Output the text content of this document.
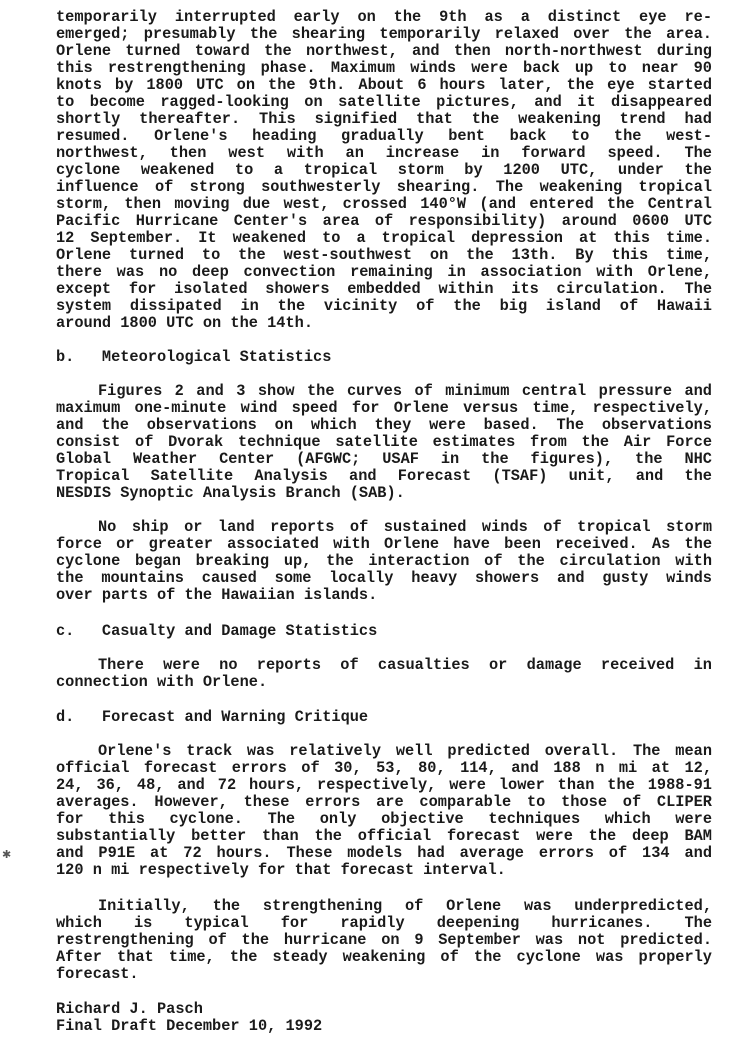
temporarily interrupted early on the 9th as a distinct eye re-

emerged; presumably the shearing temporarily relaxed over the area.

Orlene turned toward the northwest, and then north-northwest during

this restrengthening phase. Maximum winds were back up to near 90

knots by 1800 UTC on the 9th. About 6 hours later, the eye started

to become ragged-looking on satellite pictures, and it disappeared

shortly thereafter. This signified that the weakening trend had

resumed. Orlene's heading gradually bent back to the west-

northwest, then west with an increase in forward speed. The

cyclone weakened to a tropical storm by 1200 UTC, under the

influence of strong southwesterly shearing. The weakening tropical

storm, then moving due west, crossed 140°W (and entered the Central

Pacific Hurricane Center's area of responsibility) around 0600 UTC

12 September. It weakened to a tropical depression at this time.

Orlene turned to the west-southwest on the 13th. By this time,

there was no deep convection remaining in association with Orlene,

except for isolated showers embedded within its circulation. The

system dissipated in the vicinity of the big island of Hawaii

around 1800 UTC on the 14th.

b.   Meteorological Statistics

Figures 2 and 3 show the curves of minimum central pressure and

maximum one-minute wind speed for Orlene versus time, respectively,

and the observations on which they were based. The observations

consist of Dvorak technique satellite estimates from the Air Force

Global Weather Center (AFGWC; USAF in the figures), the NHC

Tropical Satellite Analysis and Forecast (TSAF) unit, and the

NESDIS Synoptic Analysis Branch (SAB).

No ship or land reports of sustained winds of tropical storm

force or greater associated with Orlene have been received. As the

cyclone began breaking up, the interaction of the circulation with

the mountains caused some locally heavy showers and gusty winds

over parts of the Hawaiian islands.

c.   Casualty and Damage Statistics

There were no reports of casualties or damage received in

connection with Orlene.

d.   Forecast and Warning Critique

Orlene's track was relatively well predicted overall. The mean

official forecast errors of 30, 53, 80, 114, and 188 n mi at 12,

24, 36, 48, and 72 hours, respectively, were lower than the 1988-91

averages. However, these errors are comparable to those of CLIPER

for this cyclone. The only objective techniques which were

substantially better than the official forecast were the deep BAM

and P91E at 72 hours. These models had average errors of 134 and

120 n mi respectively for that forecast interval.

Initially, the strengthening of Orlene was underpredicted,

which is typical for rapidly deepening hurricanes. The

restrengthening of the hurricane on 9 September was not predicted.

After that time, the steady weakening of the cyclone was properly

forecast.

Richard J. Pasch

Final Draft December 10, 1992

✱
